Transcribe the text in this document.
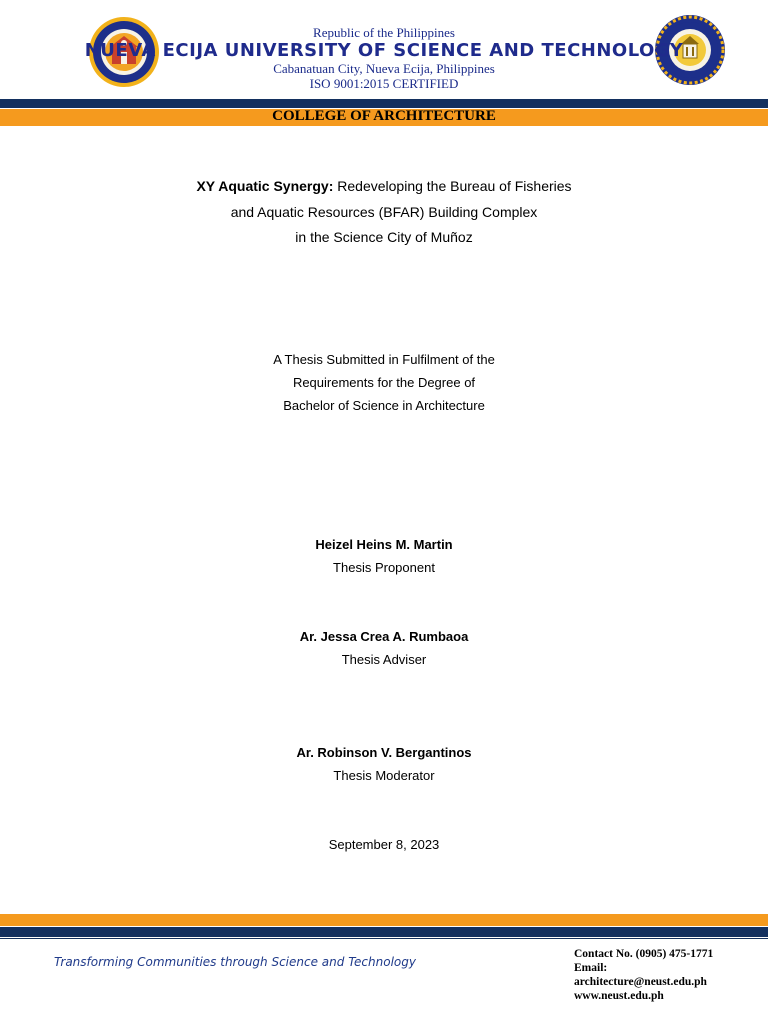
Republic of the Philippines
NUEVA ECIJA UNIVERSITY OF SCIENCE AND TECHNOLOGY
Cabanatuan City, Nueva Ecija, Philippines
ISO 9001:2015 CERTIFIED
COLLEGE OF ARCHITECTURE
XY Aquatic Synergy: Redeveloping the Bureau of Fisheries
and Aquatic Resources (BFAR) Building Complex
in the Science City of Muñoz
A Thesis Submitted in Fulfilment of the
Requirements for the Degree of
Bachelor of Science in Architecture
Heizel Heins M. Martin
Thesis Proponent
Ar. Jessa Crea A. Rumbaoa
Thesis Adviser
Ar. Robinson V. Bergantinos
Thesis Moderator
September 8, 2023
Transforming Communities through Science and Technology
Contact No. (0905) 475-1771
Email:
architecture@neust.edu.ph
www.neust.edu.ph
